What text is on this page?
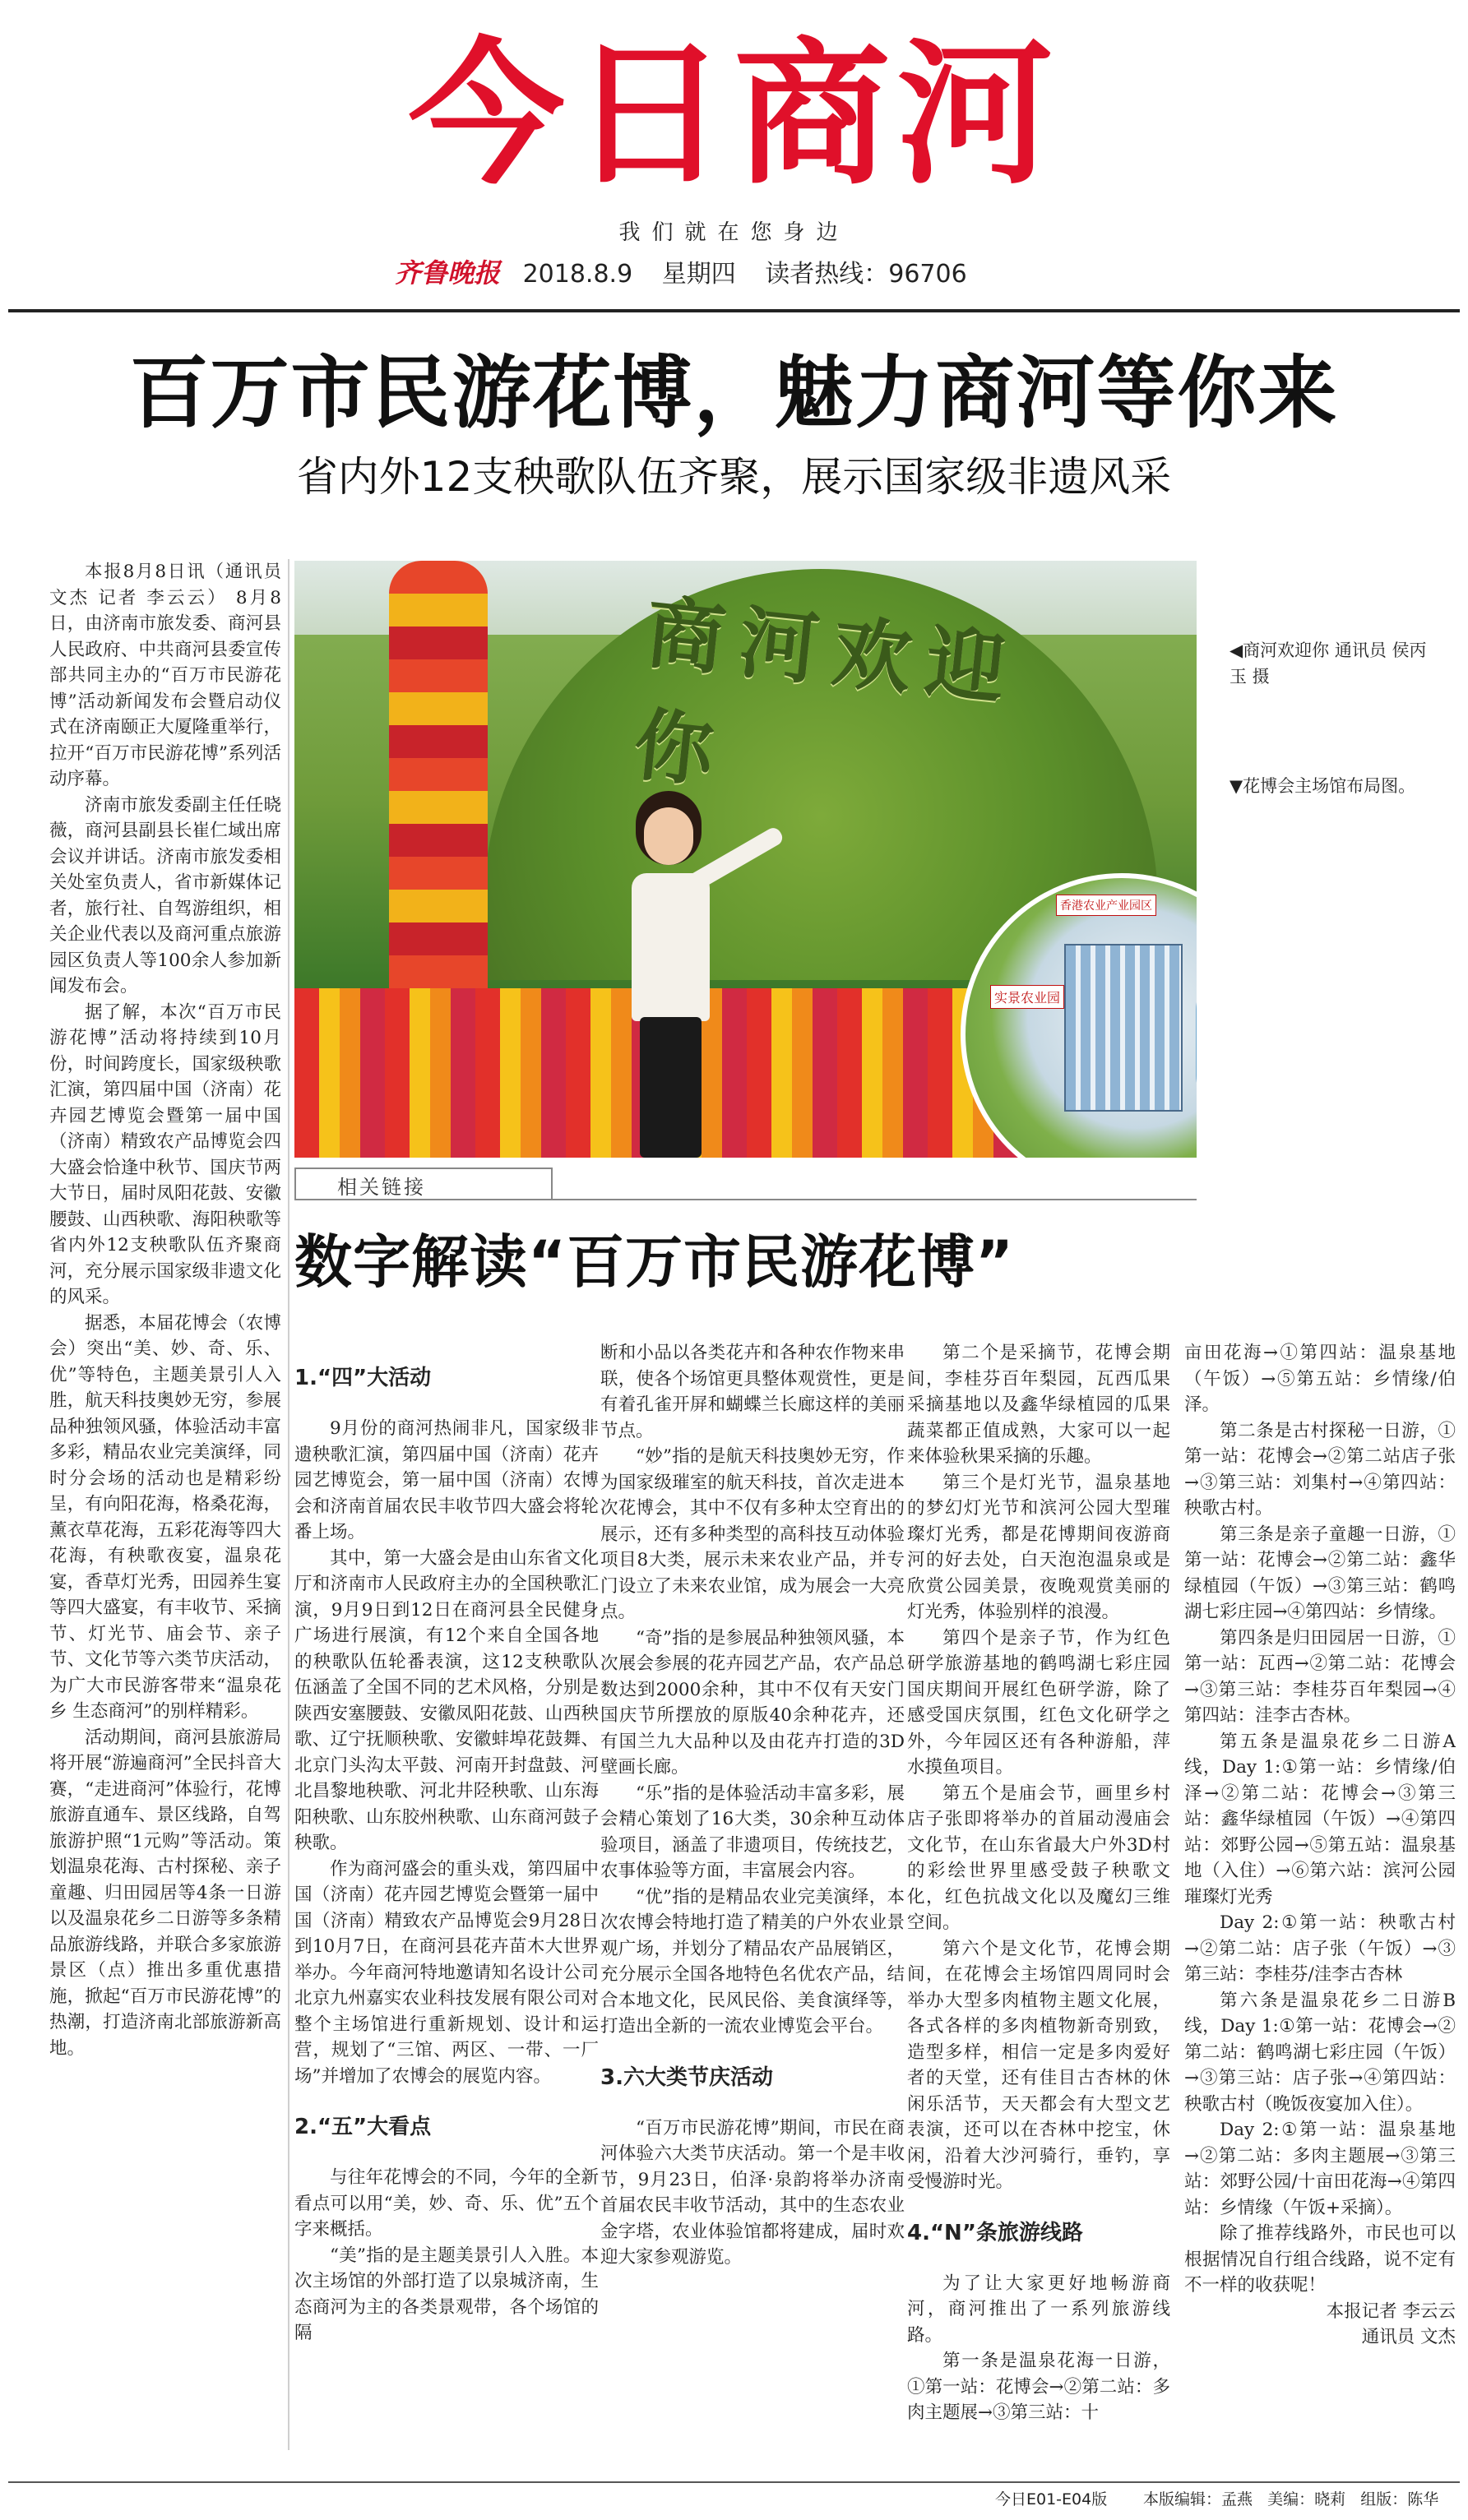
今日商河
我们就在您身边
齐鲁晚报 2018.8.9 星期四 读者热线：96706
百万市民游花博，魅力商河等你来
省内外12支秧歌队伍齐聚，展示国家级非遗风采

本报8月8日讯（通讯员 文杰 记者 李云云） 8月8日，由济南市旅发委、商河县人民政府、中共商河县委宣传部共同主办的“百万市民游花博”活动新闻发布会暨启动仪式在济南颐正大厦隆重举行，拉开“百万市民游花博”系列活动序幕。

济南市旅发委副主任任晓薇，商河县副县长崔仁域出席会议并讲话。济南市旅发委相关处室负责人，省市新媒体记者，旅行社、自驾游组织，相关企业代表以及商河重点旅游园区负责人等100余人参加新闻发布会。

据了解，本次“百万市民游花博”活动将持续到10月份，时间跨度长，国家级秧歌汇演，第四届中国（济南）花卉园艺博览会暨第一届中国（济南）精致农产品博览会四大盛会恰逢中秋节、国庆节两大节日，届时凤阳花鼓、安徽腰鼓、山西秧歌、海阳秧歌等省内外12支秧歌队伍齐聚商河，充分展示国家级非遗文化的风采。

据悉，本届花博会（农博会）突出“美、妙、奇、乐、优”等特色，主题美景引人入胜，航天科技奥妙无穷，参展品种独领风骚，体验活动丰富多彩，精品农业完美演绎，同时分会场的活动也是精彩纷呈，有向阳花海，格桑花海，薰衣草花海，五彩花海等四大花海，有秧歌夜宴，温泉花宴，香草灯光秀，田园养生宴等四大盛宴，有丰收节、采摘节、灯光节、庙会节、亲子节、文化节等六类节庆活动，为广大市民游客带来“温泉花乡 生态商河”的别样精彩。

活动期间，商河县旅游局将开展“游遍商河”全民抖音大赛，“走进商河”体验行，花博旅游直通车、景区线路，自驾旅游护照“1元购”等活动。策划温泉花海、古村探秘、亲子童趣、归田园居等4条一日游以及温泉花乡二日游等多条精品旅游线路，并联合多家旅游景区（点）推出多重优惠措施，掀起“百万市民游花博”的热潮，打造济南北部旅游新高地。

商河欢迎你
香港农业产业园区
实景农业园
◀商河欢迎你 通讯员 侯丙玉 摄
▼花博会主场馆布局图。
相关链接
数字解读“百万市民游花博”
1.“四”大活动

9月份的商河热闹非凡，国家级非遗秧歌汇演，第四届中国（济南）花卉园艺博览会，第一届中国（济南）农博会和济南首届农民丰收节四大盛会将轮番上场。

其中，第一大盛会是由山东省文化厅和济南市人民政府主办的全国秧歌汇演，9月9日到12日在商河县全民健身广场进行展演，有12个来自全国各地的秧歌队伍轮番表演，这12支秧歌队伍涵盖了全国不同的艺术风格，分别是陕西安塞腰鼓、安徽凤阳花鼓、山西秧歌、辽宁抚顺秧歌、安徽蚌埠花鼓舞、北京门头沟太平鼓、河南开封盘鼓、河北昌黎地秧歌、河北井陉秧歌、山东海阳秧歌、山东胶州秧歌、山东商河鼓子秧歌。

作为商河盛会的重头戏，第四届中国（济南）花卉园艺博览会暨第一届中国（济南）精致农产品博览会9月28日到10月7日，在商河县花卉苗木大世界举办。今年商河特地邀请知名设计公司北京九州嘉实农业科技发展有限公司对整个主场馆进行重新规划、设计和运营，规划了“三馆、两区、一带、一厂场”并增加了农博会的展览内容。

2.“五”大看点

与往年花博会的不同，今年的全新看点可以用“美，妙、奇、乐、优”五个字来概括。

“美”指的是主题美景引人入胜。本次主场馆的外部打造了以泉城济南，生态商河为主的各类景观带，各个场馆的隔

断和小品以各类花卉和各种农作物来串联，使各个场馆更具整体观赏性，更是有着孔雀开屏和蝴蝶兰长廊这样的美丽节点。

“妙”指的是航天科技奥妙无穷，作为国家级璀室的航天科技，首次走进本次花博会，其中不仅有多种太空育出的展示，还有多种类型的高科技互动体验项目8大类，展示未来农业产品，并专门设立了未来农业馆，成为展会一大亮点。

“奇”指的是参展品种独领风骚，本次展会参展的花卉园艺产品，农产品总数达到2000余种，其中不仅有天安门国庆节所摆放的原版40余种花卉，还有国兰九大品种以及由花卉打造的3D壁画长廊。

“乐”指的是体验活动丰富多彩，展会精心策划了16大类，30余种互动体验项目，涵盖了非遗项目，传统技艺，农事体验等方面，丰富展会内容。

“优”指的是精品农业完美演绎，本次农博会特地打造了精美的户外农业景观广场，并划分了精品农产品展销区，充分展示全国各地特色名优农产品，结合本地文化，民风民俗、美食演绎等，打造出全新的一流农业博览会平台。

3.六大类节庆活动

“百万市民游花博”期间，市民在商河体验六大类节庆活动。第一个是丰收节，9月23日，伯泽·泉韵将举办济南首届农民丰收节活动，其中的生态农业金字塔，农业体验馆都将建成，届时欢迎大家参观游览。

第二个是采摘节，花博会期间，李桂芬百年梨园，瓦西瓜果采摘基地以及鑫华绿植园的瓜果蔬菜都正值成熟，大家可以一起来体验秋果采摘的乐趣。

第三个是灯光节，温泉基地的梦幻灯光节和滨河公园大型璀璨灯光秀，都是花博期间夜游商河的好去处，白天泡泡温泉或是欣赏公园美景，夜晚观赏美丽的灯光秀，体验别样的浪漫。

第四个是亲子节，作为红色研学旅游基地的鹤鸣湖七彩庄园国庆期间开展红色研学游，除了感受国庆氛围，红色文化研学之外，今年园区还有各种游船，萍水摸鱼项目。

第五个是庙会节，画里乡村店子张即将举办的首届动漫庙会文化节，在山东省最大户外3D村的彩绘世界里感受鼓子秧歌文化，红色抗战文化以及魔幻三维空间。

第六个是文化节，花博会期间，在花博会主场馆四周同时会举办大型多肉植物主题文化展，各式各样的多肉植物新奇别致，造型多样，相信一定是多肉爱好者的天堂，还有佳目古杏林的休闲乐活节，天天都会有大型文艺表演，还可以在杏林中挖宝，休闲，沿着大沙河骑行，垂钓，享受慢游时光。

4.“N”条旅游线路

为了让大家更好地畅游商河，商河推出了一系列旅游线路。

第一条是温泉花海一日游，①第一站：花博会→②第二站：多肉主题展→③第三站：十

亩田花海→①第四站：温泉基地（午饭）→⑤第五站：乡情缘/伯泽。

第二条是古村探秘一日游，①第一站：花博会→②第二站店子张→③第三站：刘集村→④第四站：秧歌古村。

第三条是亲子童趣一日游，①第一站：花博会→②第二站：鑫华绿植园（午饭）→③第三站：鹤鸣湖七彩庄园→④第四站：乡情缘。

第四条是归田园居一日游，①第一站：瓦西→②第二站：花博会→③第三站：李桂芬百年梨园→④第四站：洼李古杏林。

第五条是温泉花乡二日游A线，Day 1:①第一站：乡情缘/伯泽→②第二站：花博会→③第三站：鑫华绿植园（午饭）→④第四站：郊野公园→⑤第五站：温泉基地（入住）→⑥第六站：滨河公园璀璨灯光秀

Day 2:①第一站：秧歌古村→②第二站：店子张（午饭）→③第三站：李桂芬/洼李古杏林

第六条是温泉花乡二日游B线，Day 1:①第一站：花博会→②第二站：鹤鸣湖七彩庄园（午饭）→③第三站：店子张→④第四站：秧歌古村（晚饭夜宴加入住）。

Day 2:①第一站：温泉基地→②第二站：多肉主题展→③第三站：郊野公园/十亩田花海→④第四站：乡情缘（午饭+采摘）。

除了推荐线路外，市民也可以根据情况自行组合线路，说不定有不一样的收获呢！

本报记者 李云云

通讯员 文杰

今日E01-E04版 本版编辑：孟燕 美编：晓莉 组版：陈华
